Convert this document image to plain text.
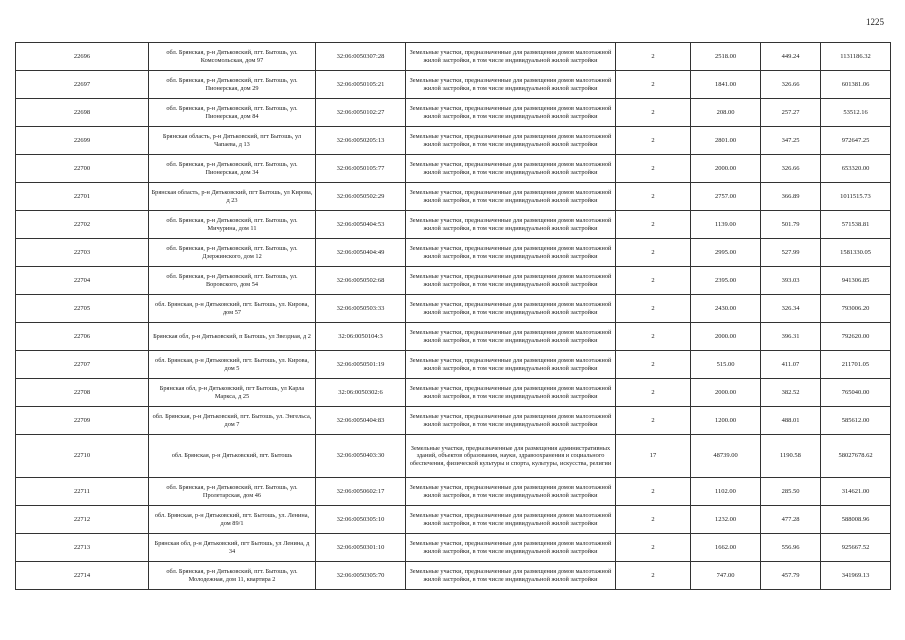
1225
22696	обл. Брянская, р-н Дятьковский, пгт. Бытошь, ул. Комсомольская, дом 97	32:06:0050307:28	Земельные участки, предназначенные для размещения домов малоэтажной жилой застройки, в том числе индивидуальной жилой застройки	2	2518.00	449.24	1131186.32
22697	обл. Брянская, р-н Дятьковский, пгт. Бытошь, ул. Пионерская, дом 29	32:06:0050105:21	Земельные участки, предназначенные для размещения домов малоэтажной жилой застройки, в том числе индивидуальной жилой застройки	2	1841.00	326.66	601381.06
22698	обл. Брянская, р-н Дятьковский, пгт. Бытошь, ул. Пионерская, дом 84	32:06:0050102:27	Земельные участки, предназначенные для размещения домов малоэтажной жилой застройки, в том числе индивидуальной жилой застройки	2	208.00	257.27	53512.16
22699	Брянская область, р-н Дятьковский, пгт Бытошь, ул Чапаева, д 13	32:06:0050205:13	Земельные участки, предназначенные для размещения домов малоэтажной жилой застройки, в том числе индивидуальной жилой застройки	2	2801.00	347.25	972647.25
22700	обл. Брянская, р-н Дятьковский, пгт. Бытошь, ул. Пионерская, дом 34	32:06:0050105:77	Земельные участки, предназначенные для размещения домов малоэтажной жилой застройки, в том числе индивидуальной жилой застройки	2	2000.00	326.66	653320.00
22701	Брянская область, р-н Дятьковский, пгт Бытошь, ул Кирова, д 23	32:06:0050502:29	Земельные участки, предназначенные для размещения домов малоэтажной жилой застройки, в том числе индивидуальной жилой застройки	2	2757.00	366.89	1011515.73
22702	обл. Брянская, р-н Дятьковский, пгт. Бытошь, ул. Мичурина, дом 11	32:06:0050404:53	Земельные участки, предназначенные для размещения домов малоэтажной жилой застройки, в том числе индивидуальной жилой застройки	2	1139.00	501.79	571538.81
22703	обл. Брянская, р-н Дятьковский, пгт. Бытошь, ул. Дзержинского, дом 12	32:06:0050404:49	Земельные участки, предназначенные для размещения домов малоэтажной жилой застройки, в том числе индивидуальной жилой застройки	2	2995.00	527.99	1581330.05
22704	обл. Брянская, р-н Дятьковский, пгт. Бытошь, ул. Воровского, дом 54	32:06:0050502:68	Земельные участки, предназначенные для размещения домов малоэтажной жилой застройки, в том числе индивидуальной жилой застройки	2	2395.00	393.03	941306.85
22705	обл. Брянская, р-н Дятьковский, пгт. Бытошь, ул. Кирова, дом 57	32:06:0050503:33	Земельные участки, предназначенные для размещения домов малоэтажной жилой застройки, в том числе индивидуальной жилой застройки	2	2430.00	326.34	793006.20
22706	Брянская обл, р-н Дятьковский, п Бытошь, ул Звездная, д 2	32:06:0050104:3	Земельные участки, предназначенные для размещения домов малоэтажной жилой застройки, в том числе индивидуальной жилой застройки	2	2000.00	396.31	792620.00
22707	обл. Брянская, р-н Дятьковский, пгт. Бытошь, ул. Кирова, дом 5	32:06:0050501:19	Земельные участки, предназначенные для размещения домов малоэтажной жилой застройки, в том числе индивидуальной жилой застройки	2	515.00	411.07	211701.05
22708	Брянская обл, р-н Дятьковский, пгт Бытошь, ул Карла Маркса, д 25	32:06:0050302:6	Земельные участки, предназначенные для размещения домов малоэтажной жилой застройки, в том числе индивидуальной жилой застройки	2	2000.00	382.52	765040.00
22709	обл. Брянская, р-н Дятьковский, пгт. Бытошь, ул. Энгельса, дом 7	32:06:0050404:83	Земельные участки, предназначенные для размещения домов малоэтажной жилой застройки, в том числе индивидуальной жилой застройки	2	1200.00	488.01	585612.00
22710	обл. Брянская, р-н Дятьковский, пгт. Бытошь	32:06:0050403:30	Земельные участки, предназначенные для размещения административных зданий, объектов образования, науки, здравоохранения и социального обеспечения, физической культуры и спорта, культуры, искусства, религии	17	48739.00	1190.58	58027678.62
22711	обл. Брянская, р-н Дятьковский, пгт. Бытошь, ул. Пролетарская, дом 46	32:06:0050602:17	Земельные участки, предназначенные для размещения домов малоэтажной жилой застройки, в том числе индивидуальной жилой застройки	2	1102.00	285.50	314621.00
22712	обл. Брянская, р-н Дятьковский, пгт. Бытошь, ул. Ленина, дом 89/1	32:06:0050305:10	Земельные участки, предназначенные для размещения домов малоэтажной жилой застройки, в том числе индивидуальной жилой застройки	2	1232.00	477.28	588008.96
22713	Брянская обл, р-н Дятьковский, пгт Бытошь, ул Ленина, д 34	32:06:0050301:10	Земельные участки, предназначенные для размещения домов малоэтажной жилой застройки, в том числе индивидуальной жилой застройки	2	1662.00	556.96	925667.52
22714	обл. Брянская, р-н Дятьковский, пгт. Бытошь, ул. Молодежная, дом 11, квартира 2	32:06:0050305:70	Земельные участки, предназначенные для размещения домов малоэтажной жилой застройки, в том числе индивидуальной жилой застройки	2	747.00	457.79	341969.13
